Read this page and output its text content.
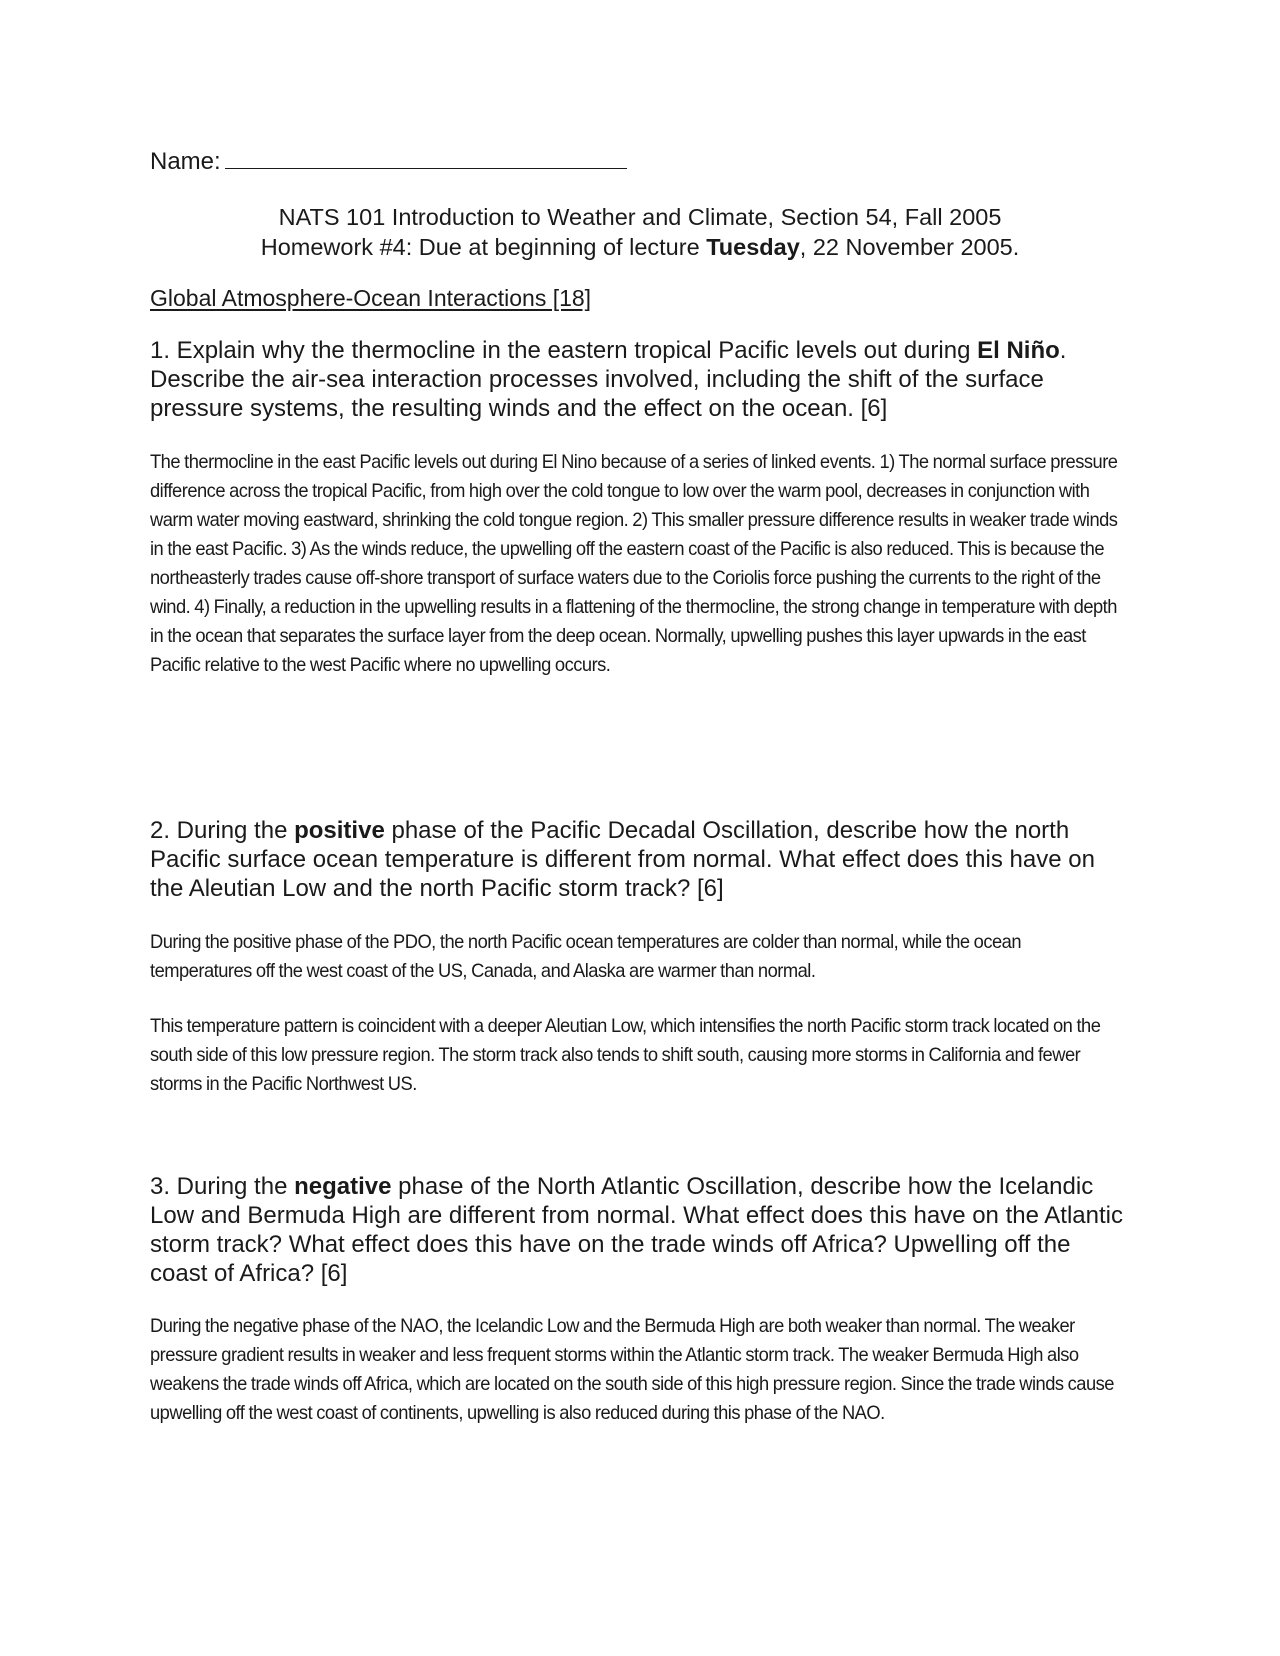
Name:
NATS 101 Introduction to Weather and Climate, Section 54, Fall 2005
Homework #4: Due at beginning of lecture Tuesday, 22 November 2005.
Global Atmosphere-Ocean Interactions [18]
1. Explain why the thermocline in the eastern tropical Pacific levels out during El Niño. Describe the air-sea interaction processes involved, including the shift of the surface pressure systems, the resulting winds and the effect on the ocean. [6]
The thermocline in the east Pacific levels out during El Nino because of a series of linked events. 1) The normal surface pressure difference across the tropical Pacific, from high over the cold tongue to low over the warm pool, decreases in conjunction with warm water moving eastward, shrinking the cold tongue region. 2) This smaller pressure difference results in weaker trade winds in the east Pacific. 3) As the winds reduce, the upwelling off the eastern coast of the Pacific is also reduced. This is because the northeasterly trades cause off-shore transport of surface waters due to the Coriolis force pushing the currents to the right of the wind. 4) Finally, a reduction in the upwelling results in a flattening of the thermocline, the strong change in temperature with depth in the ocean that separates the surface layer from the deep ocean. Normally, upwelling pushes this layer upwards in the east Pacific relative to the west Pacific where no upwelling occurs.
2. During the positive phase of the Pacific Decadal Oscillation, describe how the north Pacific surface ocean temperature is different from normal. What effect does this have on the Aleutian Low and the north Pacific storm track? [6]
During the positive phase of the PDO, the north Pacific ocean temperatures are colder than normal, while the ocean temperatures off the west coast of the US, Canada, and Alaska are warmer than normal.
This temperature pattern is coincident with a deeper Aleutian Low, which intensifies the north Pacific storm track located on the south side of this low pressure region. The storm track also tends to shift south, causing more storms in California and fewer storms in the Pacific Northwest US.
3. During the negative phase of the North Atlantic Oscillation, describe how the Icelandic Low and Bermuda High are different from normal. What effect does this have on the Atlantic storm track? What effect does this have on the trade winds off Africa? Upwelling off the coast of Africa? [6]
During the negative phase of the NAO, the Icelandic Low and the Bermuda High are both weaker than normal. The weaker pressure gradient results in weaker and less frequent storms within the Atlantic storm track. The weaker Bermuda High also weakens the trade winds off Africa, which are located on the south side of this high pressure region. Since the trade winds cause upwelling off the west coast of continents, upwelling is also reduced during this phase of the NAO.
